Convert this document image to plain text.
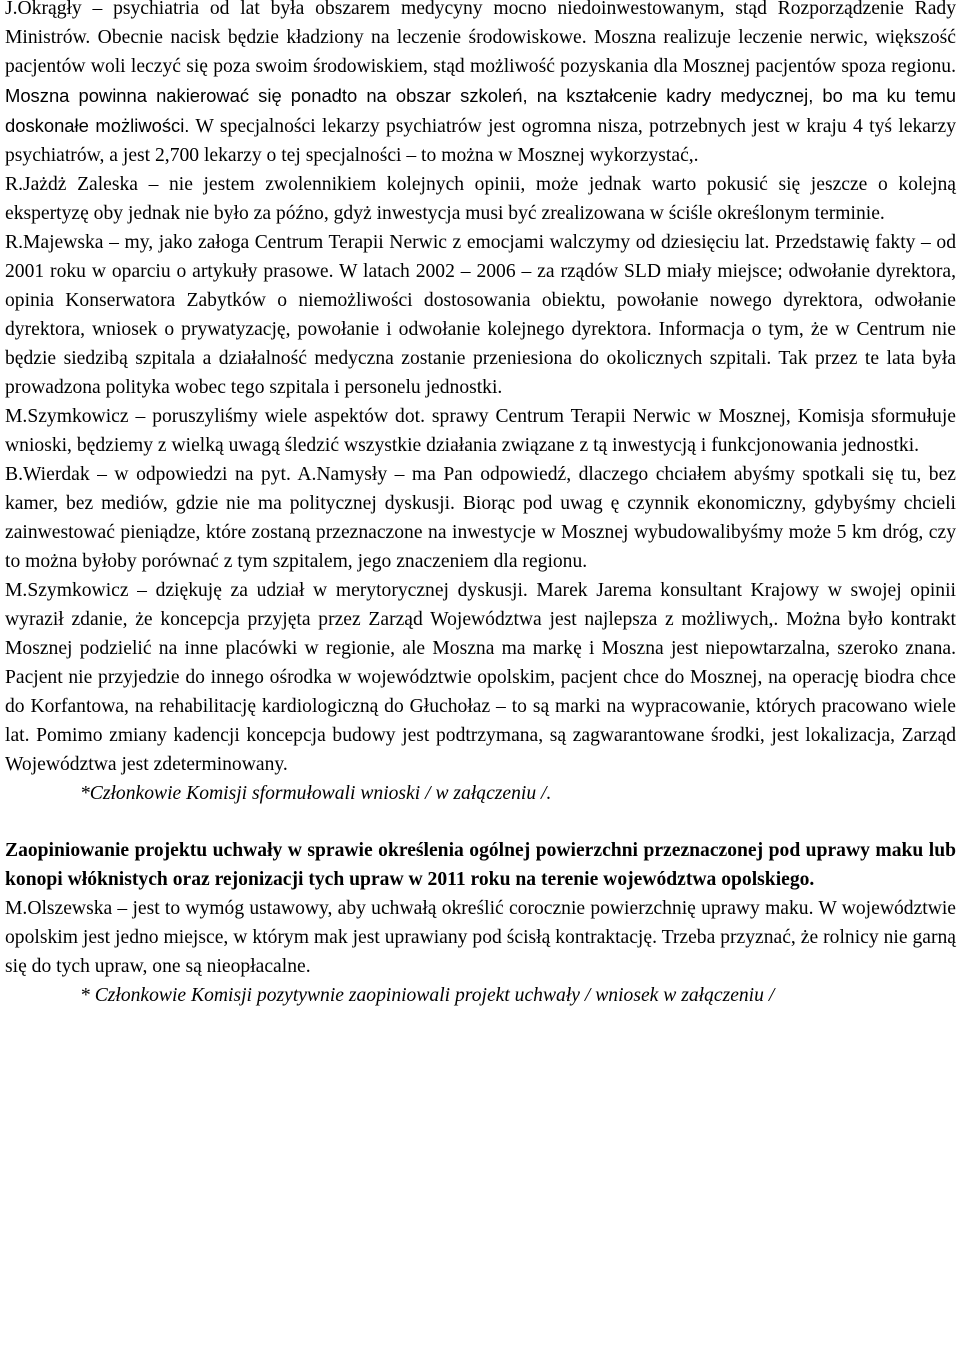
J.Okrągły – psychiatria od lat była obszarem medycyny mocno niedoinwestowanym, stąd Rozporządzenie Rady Ministrów. Obecnie nacisk będzie kładziony na leczenie środowiskowe. Moszna realizuje leczenie nerwic, większość pacjentów woli leczyć się poza swoim środowiskiem, stąd możliwość pozyskania dla Mosznej pacjentów spoza regionu. Moszna powinna nakierować się ponadto na obszar szkoleń, na kształcenie kadry medycznej, bo ma ku temu doskonałe możliwości. W specjalności lekarzy psychiatrów jest ogromna nisza, potrzebnych jest w kraju 4 tyś lekarzy psychiatrów, a jest 2,700 lekarzy o tej specjalności – to można w Mosznej wykorzystać,.

R.Jażdż Zaleska – nie jestem zwolennikiem kolejnych opinii, może jednak warto pokusić się jeszcze o kolejną ekspertyzę oby jednak nie było za późno, gdyż inwestycja musi być zrealizowana w ściśle określonym terminie.

R.Majewska – my, jako załoga Centrum Terapii Nerwic z emocjami walczymy od dziesięciu lat. Przedstawię fakty – od 2001 roku w oparciu o artykuły prasowe. W latach 2002 – 2006 – za rządów SLD miały miejsce; odwołanie dyrektora, opinia Konserwatora Zabytków o niemożliwości dostosowania obiektu, powołanie nowego dyrektora, odwołanie dyrektora, wniosek o prywatyzację, powołanie i odwołanie kolejnego dyrektora. Informacja o tym, że w Centrum nie będzie siedzibą szpitala a działalność medyczna zostanie przeniesiona do okolicznych szpitali. Tak przez te lata była prowadzona polityka wobec tego szpitala i personelu jednostki.

M.Szymkowicz – poruszyliśmy wiele aspektów dot. sprawy Centrum Terapii Nerwic w Mosznej, Komisja sformułuje wnioski, będziemy z wielką uwagą śledzić wszystkie działania związane z tą inwestycją i funkcjonowania jednostki.

B.Wierdak – w odpowiedzi na pyt. A.Namysły – ma Pan odpowiedź, dlaczego chciałem abyśmy spotkali się tu, bez kamer, bez mediów, gdzie nie ma politycznej dyskusji. Biorąc pod uwag ę czynnik ekonomiczny, gdybyśmy chcieli zainwestować pieniądze, które zostaną przeznaczone na inwestycje w Mosznej wybudowalibyśmy może 5 km dróg, czy to można byłoby porównać z tym szpitalem, jego znaczeniem dla regionu.

M.Szymkowicz – dziękuję za udział w merytorycznej dyskusji. Marek Jarema konsultant Krajowy w swojej opinii wyraził zdanie, że koncepcja przyjęta przez Zarząd Województwa jest najlepsza z możliwych,. Można było kontrakt Mosznej podzielić na inne placówki w regionie, ale Moszna ma markę i Moszna jest niepowtarzalna, szeroko znana. Pacjent nie przyjedzie do innego ośrodka w województwie opolskim, pacjent chce do Mosznej, na operację biodra chce do Korfantowa, na rehabilitację kardiologiczną do Głuchołaz – to są marki na wypracowanie, których pracowano wiele lat. Pomimo zmiany kadencji koncepcja budowy jest podtrzymana, są zagwarantowane środki, jest lokalizacja, Zarząd Województwa jest zdeterminowany.

*Członkowie Komisji sformułowali wnioski / w załączeniu /.

Zaopiniowanie projektu uchwały w sprawie określenia ogólnej powierzchni przeznaczonej pod uprawy maku lub konopi włóknistych oraz rejonizacji tych upraw w 2011 roku na terenie województwa opolskiego.

M.Olszewska – jest to wymóg ustawowy, aby uchwałą określić corocznie powierzchnię uprawy maku. W województwie opolskim jest jedno miejsce, w którym mak jest uprawiany pod ścisłą kontraktację. Trzeba przyznać, że rolnicy nie garną się do tych upraw, one są nieopłacalne.

* Członkowie Komisji pozytywnie zaopiniowali projekt uchwały / wniosek w załączeniu /
